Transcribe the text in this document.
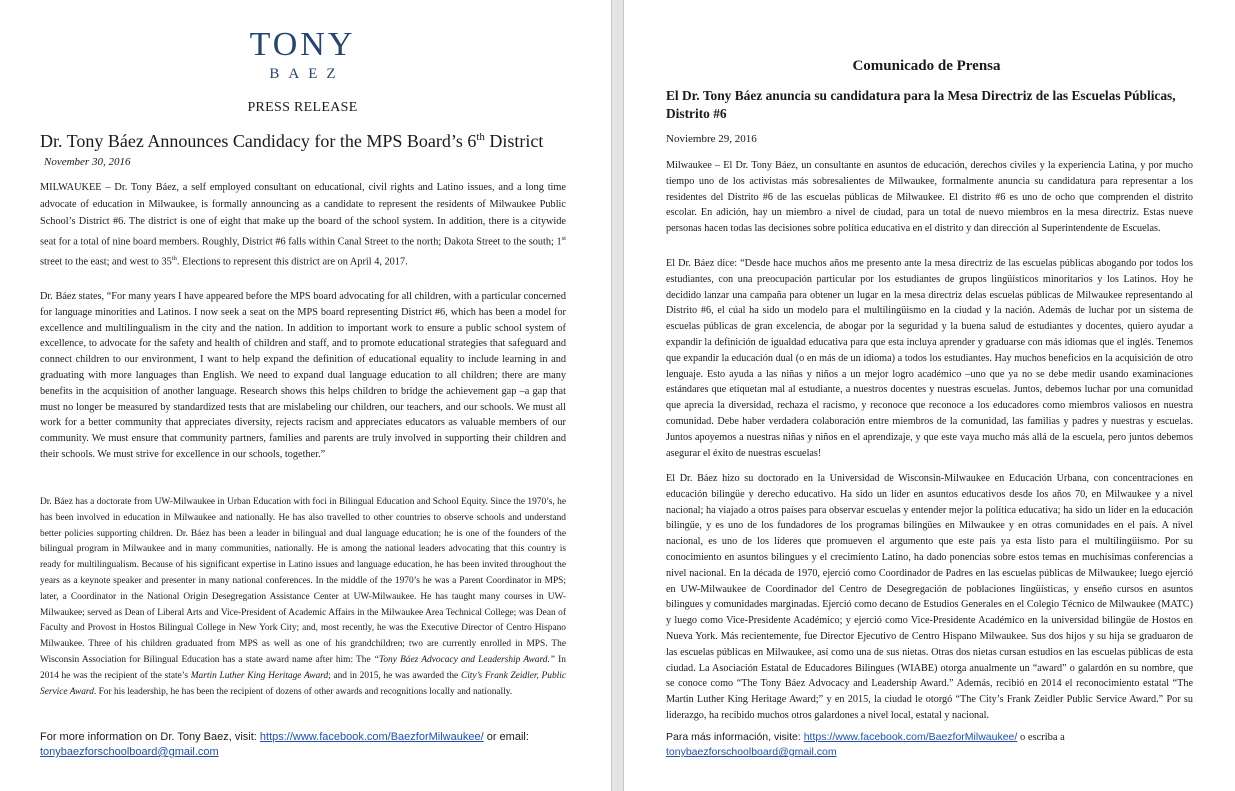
TONY
BAEZ
PRESS RELEASE
Dr. Tony Báez Announces Candidacy for the MPS Board’s 6th District
November 30, 2016
MILWAUKEE – Dr. Tony Báez, a self employed consultant on educational, civil rights and Latino issues, and a long time advocate of education in Milwaukee, is formally announcing as a candidate to represent the residents of Milwaukee Public School’s District #6. The district is one of eight that make up the board of the school system. In addition, there is a citywide seat for a total of nine board members. Roughly, District #6 falls within Canal Street to the north; Dakota Street to the south; 1st street to the east; and west to 35th. Elections to represent this district are on April 4, 2017.
Dr. Báez states, “For many years I have appeared before the MPS board advocating for all children, with a particular concerned for language minorities and Latinos. I now seek a seat on the MPS board representing District #6, which has been a model for excellence and multilingualism in the city and the nation. In addition to important work to ensure a public school system of excellence, to advocate for the safety and health of children and staff, and to promote educational strategies that safeguard and connect children to our environment, I want to help expand the definition of educational equality to include learning in and graduating with more languages than English. We need to expand dual language education to all children; there are many benefits in the acquisition of another language. Research shows this helps children to bridge the achievement gap –a gap that must no longer be measured by standardized tests that are mislabeling our children, our teachers, and our schools. We must all work for a better community that appreciates diversity, rejects racism and appreciates educators as valuable members of our community. We must ensure that community partners, families and parents are truly involved in supporting their children and their schools. We must strive for excellence in our schools, together.”
Dr. Báez has a doctorate from UW-Milwaukee in Urban Education with foci in Bilingual Education and School Equity. Since the 1970’s, he has been involved in education in Milwaukee and nationally. He has also travelled to other countries to observe schools and understand better policies supporting children. Dr. Báez has been a leader in bilingual and dual language education; he is one of the founders of the bilingual program in Milwaukee and in many communities, nationally. He is among the national leaders advocating that this country is ready for multilingualism. Because of his significant expertise in Latino issues and language education, he has been invited throughout the years as a keynote speaker and presenter in many national conferences. In the middle of the 1970’s he was a Parent Coordinator in MPS; later, a Coordinator in the National Origin Desegregation Assistance Center at UW-Milwaukee. He has taught many courses in UW-Milwaukee; served as Dean of Liberal Arts and Vice-President of Academic Affairs in the Milwaukee Area Technical College; was Dean of Faculty and Provost in Hostos Bilingual College in New York City; and, most recently, he was the Executive Director of Centro Hispano Milwaukee. Three of his children graduated from MPS as well as one of his grandchildren; two are currently enrolled in MPS. The Wisconsin Association for Bilingual Education has a state award name after him: The “Tony Báez Advocacy and Leadership Award.” In 2014 he was the recipient of the state’s Martin Luther King Heritage Award; and in 2015, he was awarded the City’s Frank Zeidler, Public Service Award. For his leadership, he has been the recipient of dozens of other awards and recognitions locally and nationally.
For more information on Dr. Tony Baez, visit: https://www.facebook.com/BaezforMilwaukee/ or email:
tonybaezforschoolboard@gmail.com
Comunicado de Prensa
El Dr. Tony Báez anuncia su candidatura para la Mesa Directriz de las Escuelas Públicas, Distrito #6
Noviembre 29, 2016
Milwaukee – El Dr. Tony Báez, un consultante en asuntos de educación, derechos civiles y la experiencia Latina, y por mucho tiempo uno de los activistas más sobresalientes de Milwaukee, formalmente anuncia su candidatura para representar a los residentes del Distrito #6 de las escuelas públicas de Milwaukee. El distrito #6 es uno de ocho que comprenden el distrito escolar. En adición, hay un miembro a nivel de ciudad, para un total de nuevo miembros en la mesa directriz. Estas nueve personas hacen todas las decisiones sobre política educativa en el distrito y dan dirección al Superintendente de Escuelas.
El Dr. Báez dice: “Desde hace muchos años me presento ante la mesa directriz de las escuelas públicas abogando por todos los estudiantes, con una preocupación particular por los estudiantes de grupos lingüísticos minoritarios y los Latinos. Hoy he decidido lanzar una campaña para obtener un lugar en la mesa directriz delas escuelas públicas de Milwaukee representando al Distrito #6, el cúal ha sido un modelo para el multilingüismo en la ciudad y la nación. Además de luchar por un sistema de escuelas públicas de gran excelencia, de abogar por la seguridad y la buena salud de estudiantes y docentes, quiero ayudar a expandir la definición de igualdad educativa para que esta incluya aprender y graduarse con más idiomas que el inglés. Tenemos que expandir la educación dual (o en más de un idioma) a todos los estudiantes. Hay muchos beneficios en la acquisición de otro lenguaje. Esto ayuda a las niñas y niños a un mejor logro académico –uno que ya no se debe medir usando examinaciones estándares que etiquetan mal al estudiante, a nuestros docentes y nuestras escuelas. Juntos, debemos luchar por una comunidad que aprecia la diversidad, rechaza el racismo, y reconoce que reconoce a los educadores como miembros valiosos en nuestra comunidad. Debe haber verdadera colaboración entre miembros de la comunidad, las familias y padres y nuestras y escuelas. Juntos apoyemos a nuestras niñas y niños en el aprendizaje, y que este vaya mucho más allá de la escuela, pero juntos debemos asegurar el éxito de nuestras escuelas!
El Dr. Báez hizo su doctorado en la Universidad de Wisconsin-Milwaukee en Educación Urbana, con concentraciones en educación bilingüe y derecho educativo. Ha sido un líder en asuntos educativos desde los años 70, en Milwaukee y a nivel nacional; ha viajado a otros países para observar escuelas y entender mejor la política educativa; ha sido un líder en la educación bilingüe, y es uno de los fundadores de los programas bilingües en Milwaukee y en otras comunidades en el país. A nivel nacional, es uno de los líderes que promueven el argumento que este país ya esta listo para el multilingüismo. Por su conocimiento en asuntos bilingues y el crecimiento Latino, ha dado ponencias sobre estos temas en muchísimas conferencias a nivel nacional. En la década de 1970, ejerció como Coordinador de Padres en las escuelas públicas de Milwaukee; luego ejerció en UW-Milwaukee de Coordinador del Centro de Desegregación de poblaciones lingüísticas, y enseño cursos en asuntos bilingues y comunidades marginadas. Ejerció como decano de Estudios Generales en el Colegio Técnico de Milwaukee (MATC) y luego como Vice-Presidente Académico; y ejerció como Vice-Presidente Académico en la universidad bilingüe de Hostos en Nueva York. Más recientemente, fue Director Ejecutivo de Centro Hispano Milwaukee. Sus dos hijos y su hija se graduaron de las escuelas públicas en Milwaukee, así como una de sus nietas. Otras dos nietas cursan estudios en las escuelas públicas de esta ciudad. La Asociación Estatal de Educadores Bilingues (WIABE) otorga anualmente un “award” o galardón en su nombre, que se conoce como “The Tony Báez Advocacy and Leadership Award.” Además, recibió en 2014 el reconocimiento estatal “The Martin Luther King Heritage Award;” y en 2015, la ciudad le otorgó “The City’s Frank Zeidler Public Service Award.” Por su liderazgo, ha recibido muchos otros galardones a nivel local, estatal y nacional.
Para más información, visite: https://www.facebook.com/BaezforMilwaukee/ o escriba a
tonybaezforschoolboard@gmail.com
